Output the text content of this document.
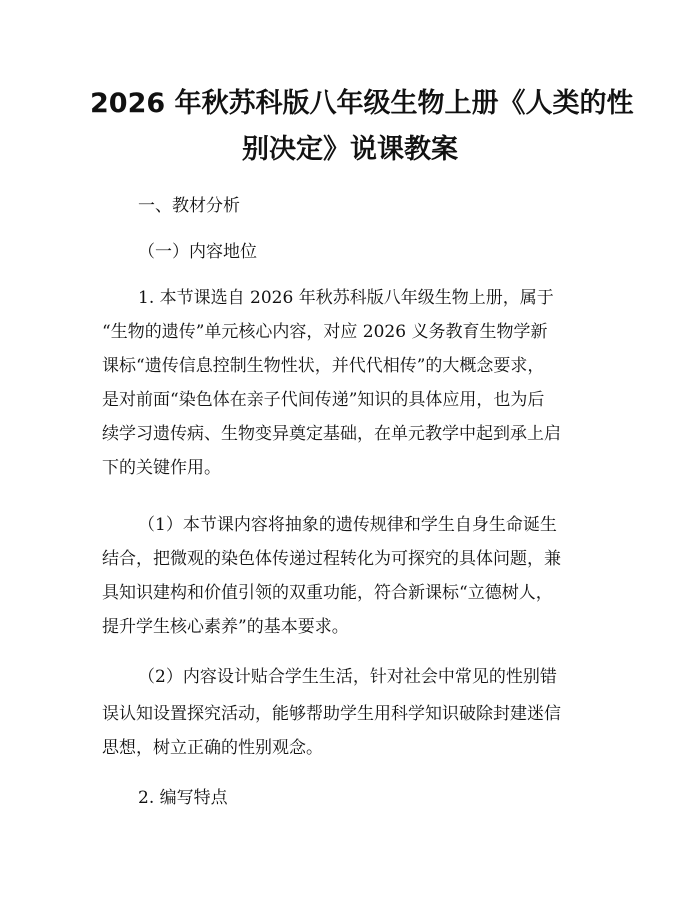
2026 年秋苏科版八年级生物上册《人类的性
别决定》说课教案
一、教材分析
（一）内容地位
1. 本节课选自 2026 年秋苏科版八年级生物上册，属于
“生物的遗传”单元核心内容，对应 2026 义务教育生物学新
课标“遗传信息控制生物性状，并代代相传”的大概念要求，
是对前面“染色体在亲子代间传递”知识的具体应用，也为后
续学习遗传病、生物变异奠定基础，在单元教学中起到承上启
下的关键作用。
（1）本节课内容将抽象的遗传规律和学生自身生命诞生
结合，把微观的染色体传递过程转化为可探究的具体问题，兼
具知识建构和价值引领的双重功能，符合新课标“立德树人，
提升学生核心素养”的基本要求。
（2）内容设计贴合学生生活，针对社会中常见的性别错
误认知设置探究活动，能够帮助学生用科学知识破除封建迷信
思想，树立正确的性别观念。
2. 编写特点
